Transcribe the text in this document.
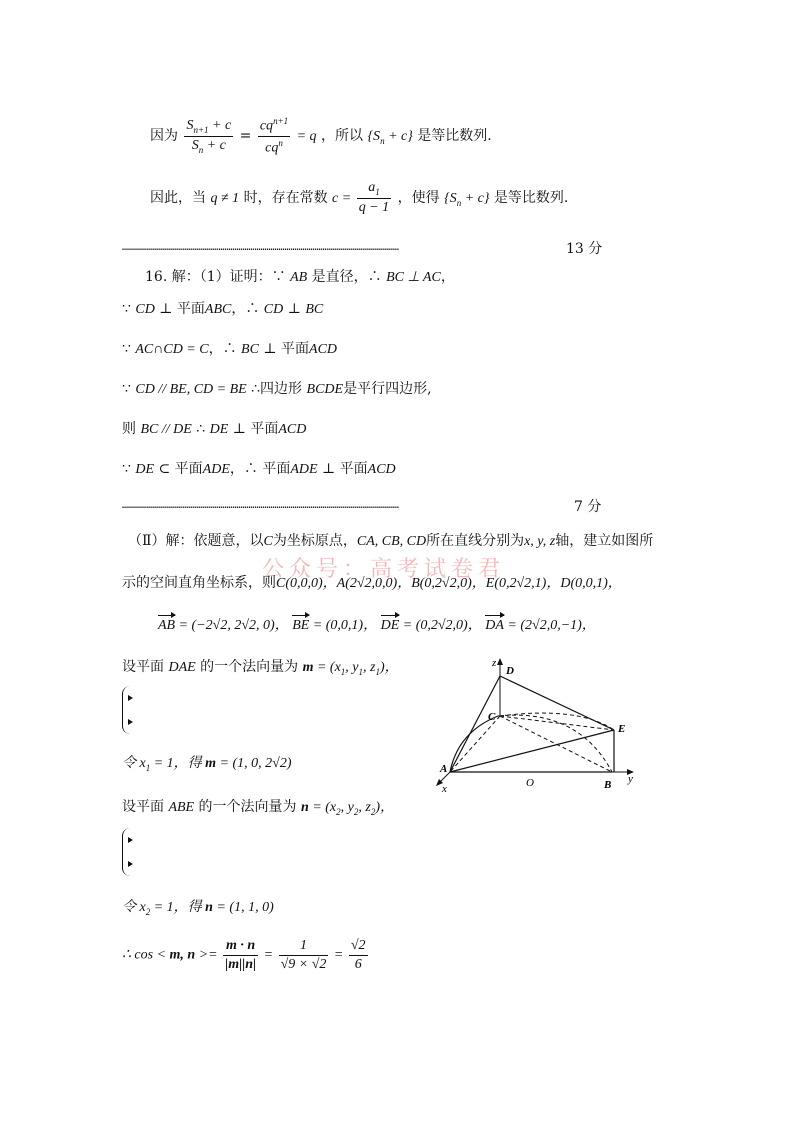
因为 $\frac{S_{n+1} + c}{S_n + c} = \frac{cq^{n+1}}{cq^n} = q$ ，所以 $\{S_n + c\}$ 是等比数列.
因此，当 q ≠ 1 时，存在常数 $c = \frac{a_1}{q - 1}$ ，使得 $\{S_n + c\}$ 是等比数列.
…………………………………………………………………………………………………………………………	13 分
16. 解：（1）证明：∵ AB 是直径，∴ BC ⊥ AC，
∵ CD ⊥ 平面ABC，∴ CD ⊥ BC
∵ AC∩CD = C，∴ BC ⊥ 平面ACD
∵ CD // BE, CD = BE ∴四边形 BCDE是平行四边形,
则 BC // DE ∴ DE ⊥ 平面ACD
∵ DE ⊂ 平面ADE，∴ 平面ADE ⊥ 平面ACD
…………………………………………………………………………………………………………………………	7 分
（Ⅱ）解：依题意，以C为坐标原点，CA, CB, CD所在直线分别为x, y, z轴，建立如图所
公众号：高考试卷君
示的空间直角坐标系，则C(0,0,0)，A(2√2,0,0)，B(0,2√2,0)，E(0,2√2,1)，D(0,0,1)，
AB = (−2√2, 2√2, 0)， BE = (0,0,1)， DE = (0,2√2,0)， DA = (2√2,0,−1)，
设平面 DAE 的一个法向量为 $m = (x_1$, $y_1$, $z_1$)，

令 $x_1 = 1$，得 m = (1, 0, 2√2)
设平面 ABE 的一个法向量为 $n = (x_2$, $y_2$, $z_2$)，

令 $x_2 = 1$，得 n = (1, 1, 0)
∴ cos < m, $n >= \frac{m \cdot n}{|m||n|} = \frac{1}{√9 \times √2} = \frac{√2}{6}$
z
D
C
E
A
O	B
x
y
